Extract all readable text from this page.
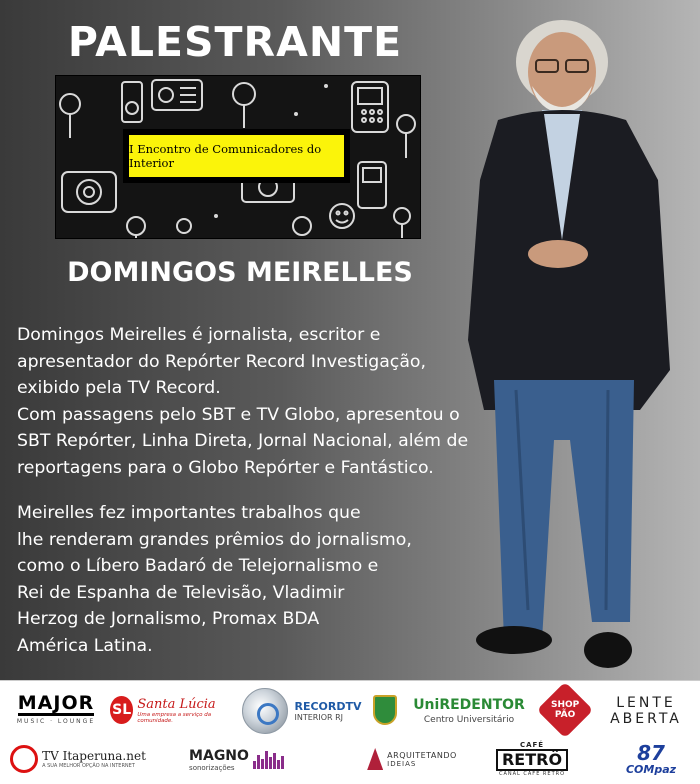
PALESTRANTE
I Encontro de Comunicadores do Interior
DOMINGOS MEIRELLES

Domingos Meirelles é jornalista, escritor e

apresentador do Repórter Record Investigação,

exibido pela TV Record.

Com passagens pelo SBT e TV Globo, apresentou o

SBT Repórter, Linha Direta, Jornal Nacional, além de

reportagens para o Globo Repórter e Fantástico.

Meirelles fez importantes trabalhos que

lhe renderam grandes prêmios do jornalismo,

como o Líbero Badaró de Telejornalismo e

Rei de Espanha de Televisão, Vladimir

Herzog de Jornalismo, Promax BDA

América Latina.

MAJOR
MUSIC · LOUNGE
SL Santa Lúcia
Uma empresa a serviço da comunidade.
RECORDTV
INTERIOR RJ
UniREDENTOR
Centro Universitário
SHOP
PÃO
LENTE
ABERTA
TV Itaperuna.net
A SUA MELHOR OPÇÃO NA INTERNET
MAGNO
sonorizações
ARQUITETANDO
IDEIAS
CAFÉ
RETRÔ
CANAL CAFÉ RETRÔ
87
COMpaz
